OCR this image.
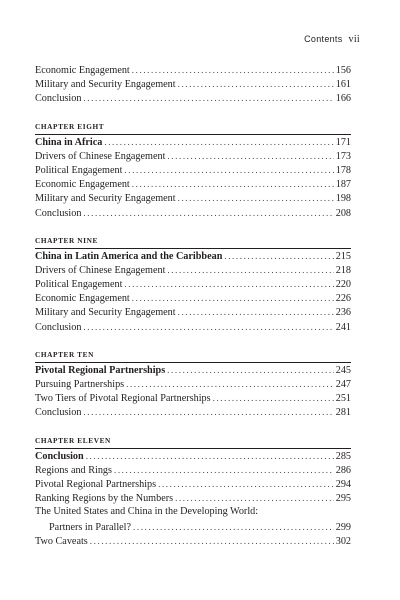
Contents vii
Economic Engagement .....	156
Military and Security Engagement .....	161
Conclusion .....	166
CHAPTER EIGHT
China in Africa .....	171
Drivers of Chinese Engagement .....	173
Political Engagement .....	178
Economic Engagement .....	187
Military and Security Engagement .....	198
Conclusion .....	208
CHAPTER NINE
China in Latin America and the Caribbean .....	215
Drivers of Chinese Engagement .....	218
Political Engagement .....	220
Economic Engagement .....	226
Military and Security Engagement .....	236
Conclusion .....	241
CHAPTER TEN
Pivotal Regional Partnerships .....	245
Pursuing Partnerships .....	247
Two Tiers of Pivotal Regional Partnerships .....	251
Conclusion .....	281
CHAPTER ELEVEN
Conclusion .....	285
Regions and Rings .....	286
Pivotal Regional Partnerships .....	294
Ranking Regions by the Numbers .....	295
The United States and China in the Developing World:
Partners in Parallel? .....	299
Two Caveats .....	302
